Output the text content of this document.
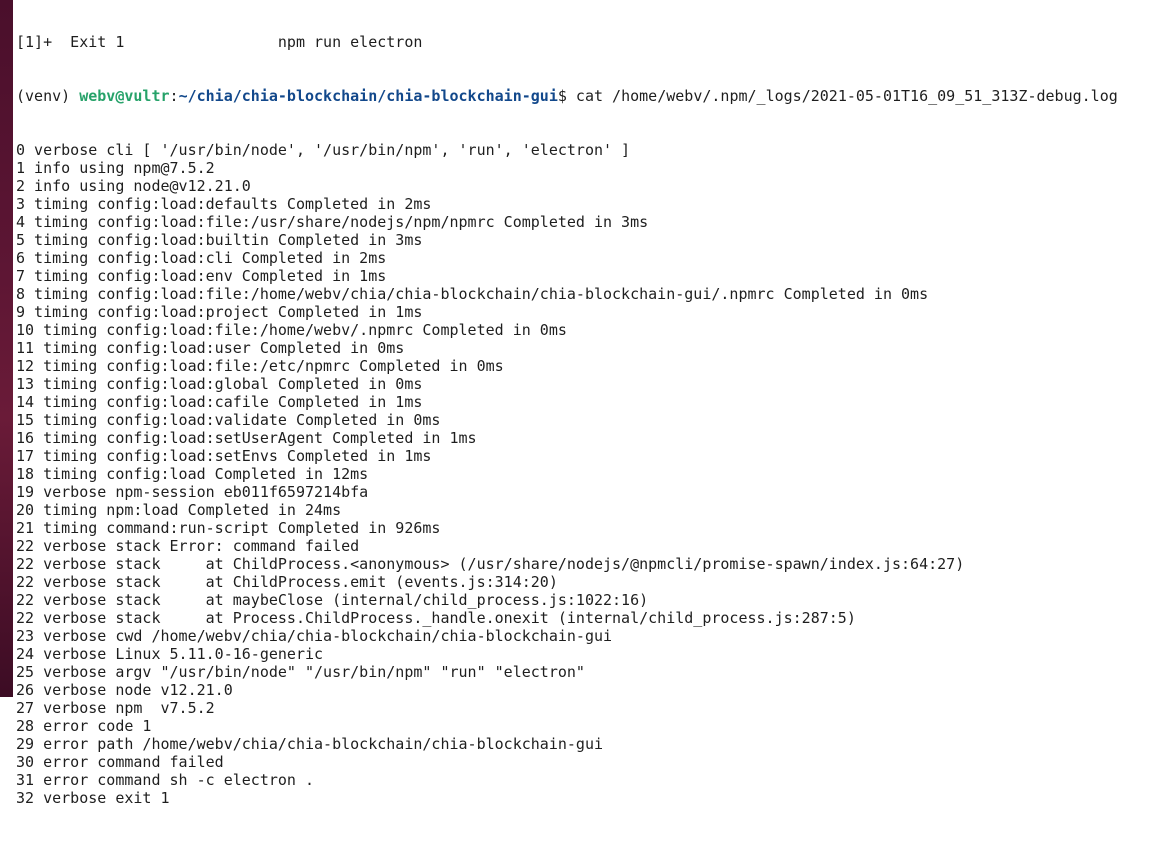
[1]+  Exit 1                 npm run electron

(venv) webv@vultr:~/chia/chia-blockchain/chia-blockchain-gui$ cat /home/webv/.npm/_logs/2021-05-01T16_09_51_313Z-debug.log

0 verbose cli [ '/usr/bin/node', '/usr/bin/npm', 'run', 'electron' ]
1 info using npm@7.5.2
2 info using node@v12.21.0
3 timing config:load:defaults Completed in 2ms
4 timing config:load:file:/usr/share/nodejs/npm/npmrc Completed in 3ms
5 timing config:load:builtin Completed in 3ms
6 timing config:load:cli Completed in 2ms
7 timing config:load:env Completed in 1ms
8 timing config:load:file:/home/webv/chia/chia-blockchain/chia-blockchain-gui/.npmrc Completed in 0ms
9 timing config:load:project Completed in 1ms
10 timing config:load:file:/home/webv/.npmrc Completed in 0ms
11 timing config:load:user Completed in 0ms
12 timing config:load:file:/etc/npmrc Completed in 0ms
13 timing config:load:global Completed in 0ms
14 timing config:load:cafile Completed in 1ms
15 timing config:load:validate Completed in 0ms
16 timing config:load:setUserAgent Completed in 1ms
17 timing config:load:setEnvs Completed in 1ms
18 timing config:load Completed in 12ms
19 verbose npm-session eb011f6597214bfa
20 timing npm:load Completed in 24ms
21 timing command:run-script Completed in 926ms
22 verbose stack Error: command failed
22 verbose stack     at ChildProcess.<anonymous> (/usr/share/nodejs/@npmcli/promise-spawn/index.js:64:27)
22 verbose stack     at ChildProcess.emit (events.js:314:20)
22 verbose stack     at maybeClose (internal/child_process.js:1022:16)
22 verbose stack     at Process.ChildProcess._handle.onexit (internal/child_process.js:287:5)
23 verbose cwd /home/webv/chia/chia-blockchain/chia-blockchain-gui
24 verbose Linux 5.11.0-16-generic
25 verbose argv "/usr/bin/node" "/usr/bin/npm" "run" "electron"
26 verbose node v12.21.0
27 verbose npm  v7.5.2
28 error code 1
29 error path /home/webv/chia/chia-blockchain/chia-blockchain-gui
30 error command failed
31 error command sh -c electron .
32 verbose exit 1
